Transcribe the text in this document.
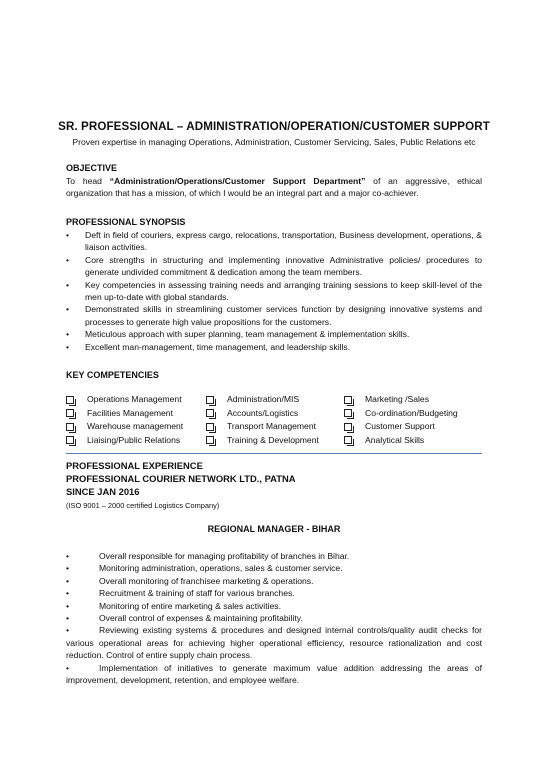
SR. PROFESSIONAL – ADMINISTRATION/OPERATION/CUSTOMER SUPPORT
Proven expertise in managing Operations, Administration, Customer Servicing, Sales, Public Relations etc
OBJECTIVE
To head “Administration/Operations/Customer Support Department” of an aggressive, ethical organization that has a mission, of which I would be an integral part and a major co-achiever.
PROFESSIONAL SYNOPSIS
• Deft in field of couriers, express cargo, relocations, transportation, Business development, operations, & liaison activities.
• Core strengths in structuring and implementing innovative Administrative policies/ procedures to generate undivided commitment & dedication among the team members.
• Key competencies in assessing training needs and arranging training sessions to keep skill-level of the men up-to-date with global standards.
• Demonstrated skills in streamlining customer services function by designing innovative systems and processes to generate high value propositions for the customers.
• Meticulous approach with super planning, team management & implementation skills.
• Excellent man-management, time management, and leadership skills.
KEY COMPETENCIES
Operations Management	Administration/MIS	Marketing /Sales
Facilities Management	Accounts/Logistics	Co-ordination/Budgeting
Warehouse management	Transport Management	Customer Support
Liaising/Public Relations	Training & Development	Analytical Skills
PROFESSIONAL EXPERIENCE
PROFESSIONAL COURIER NETWORK LTD., PATNA
SINCE JAN 2016
(ISO 9001 – 2000 certified Logistics Company)
REGIONAL MANAGER - BIHAR
•	Overall responsible for managing profitability of branches in Bihar.
•	Monitoring administration, operations, sales & customer service.
•	Overall monitoring of franchisee marketing & operations.
•	Recruitment & training of staff for various branches.
•	Monitoring of entire marketing & sales activities.
•	Overall control of expenses & maintaining profitability.
•	Reviewing existing systems & procedures and designed internal controls/quality audit checks for various operational areas for achieving higher operational efficiency, resource rationalization and cost reduction. Control of entire supply chain process.
•	Implementation of initiatives to generate maximum value addition addressing the areas of improvement, development, retention, and employee welfare.
